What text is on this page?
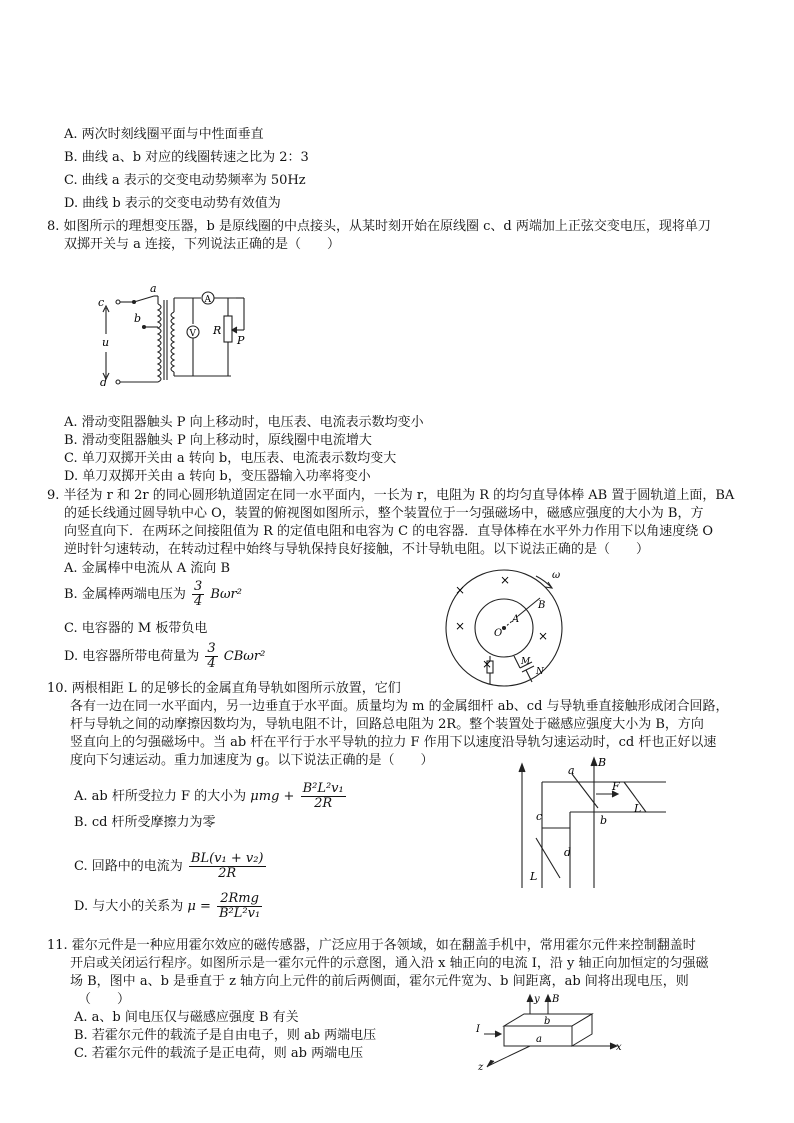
A. 两次时刻线圈平面与中性面垂直
B. 曲线 a、b 对应的线圈转速之比为 2：3
C. 曲线 a 表示的交变电动势频率为 50Hz
D. 曲线 b 表示的交变电动势有效值为
8. 如图所示的理想变压器，b 是原线圈的中点接头，从某时刻开始在原线圈 c、d 两端加上正弦交变电压，现将单刀
双掷开关与 a 连接，下列说法正确的是（　　）
c
a
b
u
d
A
V R
P
A. 滑动变阻器触头 P 向上移动时，电压表、电流表示数均变小
B. 滑动变阻器触头 P 向上移动时，原线圈中电流增大
C. 单刀双掷开关由 a 转向 b，电压表、电流表示数均变大
D. 单刀双掷开关由 a 转向 b，变压器输入功率将变小
9. 半径为 r 和 2r 的同心圆形轨道固定在同一水平面内，一长为 r，电阻为 R 的均匀直导体棒 AB 置于圆轨道上面，BA
的延长线通过圆导轨中心 O，装置的俯视图如图所示，整个装置位于一匀强磁场中，磁感应强度的大小为 B，方
向竖直向下．在两环之间接阻值为 R 的定值电阻和电容为 C 的电容器．直导体棒在水平外力作用下以角速度绕 O
逆时针匀速转动，在转动过程中始终与导轨保持良好接触，不计导轨电阻。以下说法正确的是（　　）
A. 金属棒中电流从 A 流向 B
B. 金属棒两端电压为 $\frac{3}{4} B\omega r^2$
C. 电容器的 M 板带负电
D. 电容器所带电荷量为 $\frac{3}{4} CB\omega r^2$
×
×
×
×
×
ω
B
A
O
M
N
10. 两根相距 L 的足够长的金属直角导轨如图所示放置，它们
各有一边在同一水平面内，另一边垂直于水平面。质量均为 m 的金属细杆 ab、cd 与导轨垂直接触形成闭合回路，
杆与导轨之间的动摩擦因数均为，导轨电阻不计，回路总电阻为 2R。整个装置处于磁感应强度大小为 B，方向
竖直向上的匀强磁场中。当 ab 杆在平行于水平导轨的拉力 F 作用下以速度沿导轨匀速运动时，cd 杆也正好以速
度向下匀速运动。重力加速度为 g。以下说法正确的是（　　）
A. ab 杆所受拉力 F 的大小为 $\mu mg + \frac{\text{B²L²v₁}}{2R}$
B. cd 杆所受摩擦力为零
C. 回路中的电流为 $\frac{\text{BL(v₁ + v₂)}}{2R}$
D. 与大小的关系为 $\mu = \frac{\text{2Rmg}}{\text{B²L²v₁}}$
a
B
F
L
b
c
d
L
11. 霍尔元件是一种应用霍尔效应的磁传感器，广泛应用于各领域，如在翻盖手机中，常用霍尔元件来控制翻盖时
开启或关闭运行程序。如图所示是一霍尔元件的示意图，通入沿 x 轴正向的电流 I，沿 y 轴正向加恒定的匀强磁
场 B，图中 a、b 是垂直于 z 轴方向上元件的前后两侧面，霍尔元件宽为、b 间距离，ab 间将出现电压，则
（　　）
A. a、b 间电压仅与磁感应强度 B 有关
B. 若霍尔元件的载流子是自由电子，则 ab 两端电压
C. 若霍尔元件的载流子是正电荷，则 ab 两端电压
y B
I
b
a
x
z
